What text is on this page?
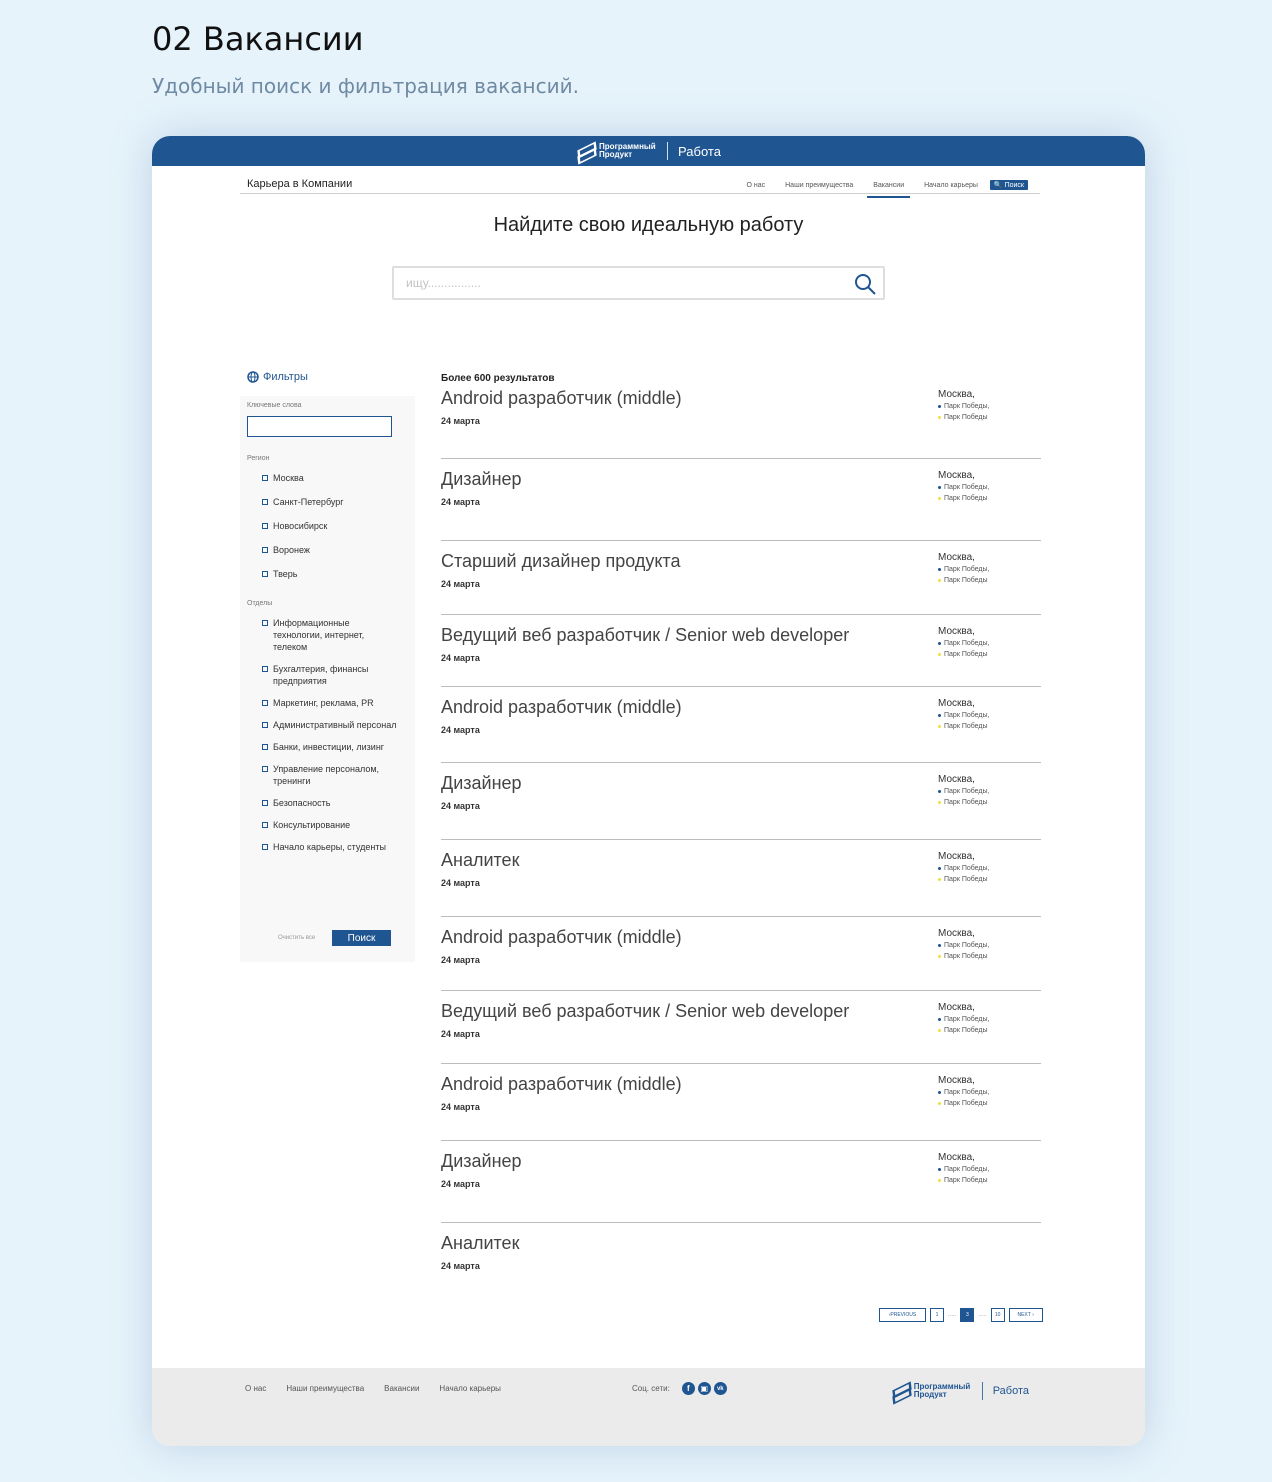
02 Вакансии
Удобный поиск и фильтрация вакансий.
Программный Продукт	Работа
Карьера в Компании	О нас	Наши преимущества	Вакансии	Начало карьеры	🔍 Поиск
Найдите свою идеальную работу
ищу................
Фильтры
Ключевые слова
Регион
Москва
Санкт-Петербург
Новосибирск
Воронеж
Тверь
Отделы
Информационные технологии, интернет, телеком
Бухгалтерия, финансы предприятия
Маркетинг, реклама, PR
Административный персонал
Банки, инвестиции, лизинг
Управление персоналом, тренинги
Безопасность
Консультирование
Начало карьеры, студенты
Очистить все	Поиск
Более 600 результатов
Android разработчик (middle)
24 марта
Москва,
Парк Победы,
Парк Победы
Дизайнер
24 марта
Москва,
Парк Победы,
Парк Победы
Старший дизайнер продукта
24 марта
Москва,
Парк Победы,
Парк Победы
Ведущий веб разработчик / Senior web developer
24 марта
Москва,
Парк Победы,
Парк Победы
Android разработчик (middle)
24 марта
Москва,
Парк Победы,
Парк Победы
Дизайнер
24 марта
Москва,
Парк Победы,
Парк Победы
Аналитек
24 марта
Москва,
Парк Победы,
Парк Победы
Android разработчик (middle)
24 марта
Москва,
Парк Победы,
Парк Победы
Ведущий веб разработчик / Senior web developer
24 марта
Москва,
Парк Победы,
Парк Победы
Android разработчик (middle)
24 марта
Москва,
Парк Победы,
Парк Победы
Дизайнер
24 марта
Москва,
Парк Победы,
Парк Победы
Аналитек
24 марта
‹ PREVIOUS	1	.....	3	.....	10	NEXT ›
О нас	Наши преимущества	Вакансии	Начало карьеры	Соц. сети:	f	▣	vk	Программный Продукт	Работа
